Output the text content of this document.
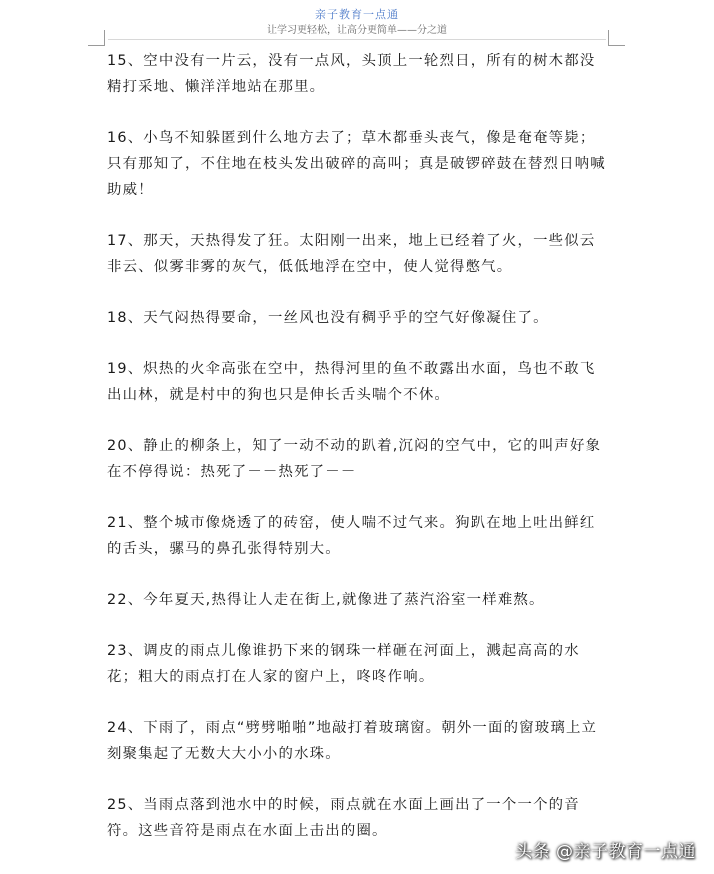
亲子教育一点通
让学习更轻松，让高分更简单——分之道

15、空中没有一片云，没有一点风，头顶上一轮烈日，所有的树木都没精打采地、懒洋洋地站在那里。

16、小鸟不知躲匿到什么地方去了；草木都垂头丧气，像是奄奄等毙；只有那知了，不住地在枝头发出破碎的高叫；真是破锣碎鼓在替烈日呐喊助威！

17、那天，天热得发了狂。太阳刚一出来，地上已经着了火，一些似云非云、似雾非雾的灰气，低低地浮在空中，使人觉得憋气。

18、天气闷热得要命，一丝风也没有稠乎乎的空气好像凝住了。

19、炽热的火伞高张在空中，热得河里的鱼不敢露出水面，鸟也不敢飞出山林，就是村中的狗也只是伸长舌头喘个不休。

20、静止的柳条上，知了一动不动的趴着,沉闷的空气中，它的叫声好象在不停得说：热死了－－热死了－－

21、整个城市像烧透了的砖窑，使人喘不过气来。狗趴在地上吐出鲜红的舌头，骡马的鼻孔张得特别大。

22、今年夏天,热得让人走在街上,就像进了蒸汽浴室一样难熬。

23、调皮的雨点儿像谁扔下来的钢珠一样砸在河面上，溅起高高的水花；粗大的雨点打在人家的窗户上，咚咚作响。

24、下雨了，雨点“劈劈啪啪”地敲打着玻璃窗。朝外一面的窗玻璃上立刻聚集起了无数大大小小的水珠。

25、当雨点落到池水中的时候，雨点就在水面上画出了一个一个的音符。这些音符是雨点在水面上击出的圈。

头条 @亲子教育一点通
